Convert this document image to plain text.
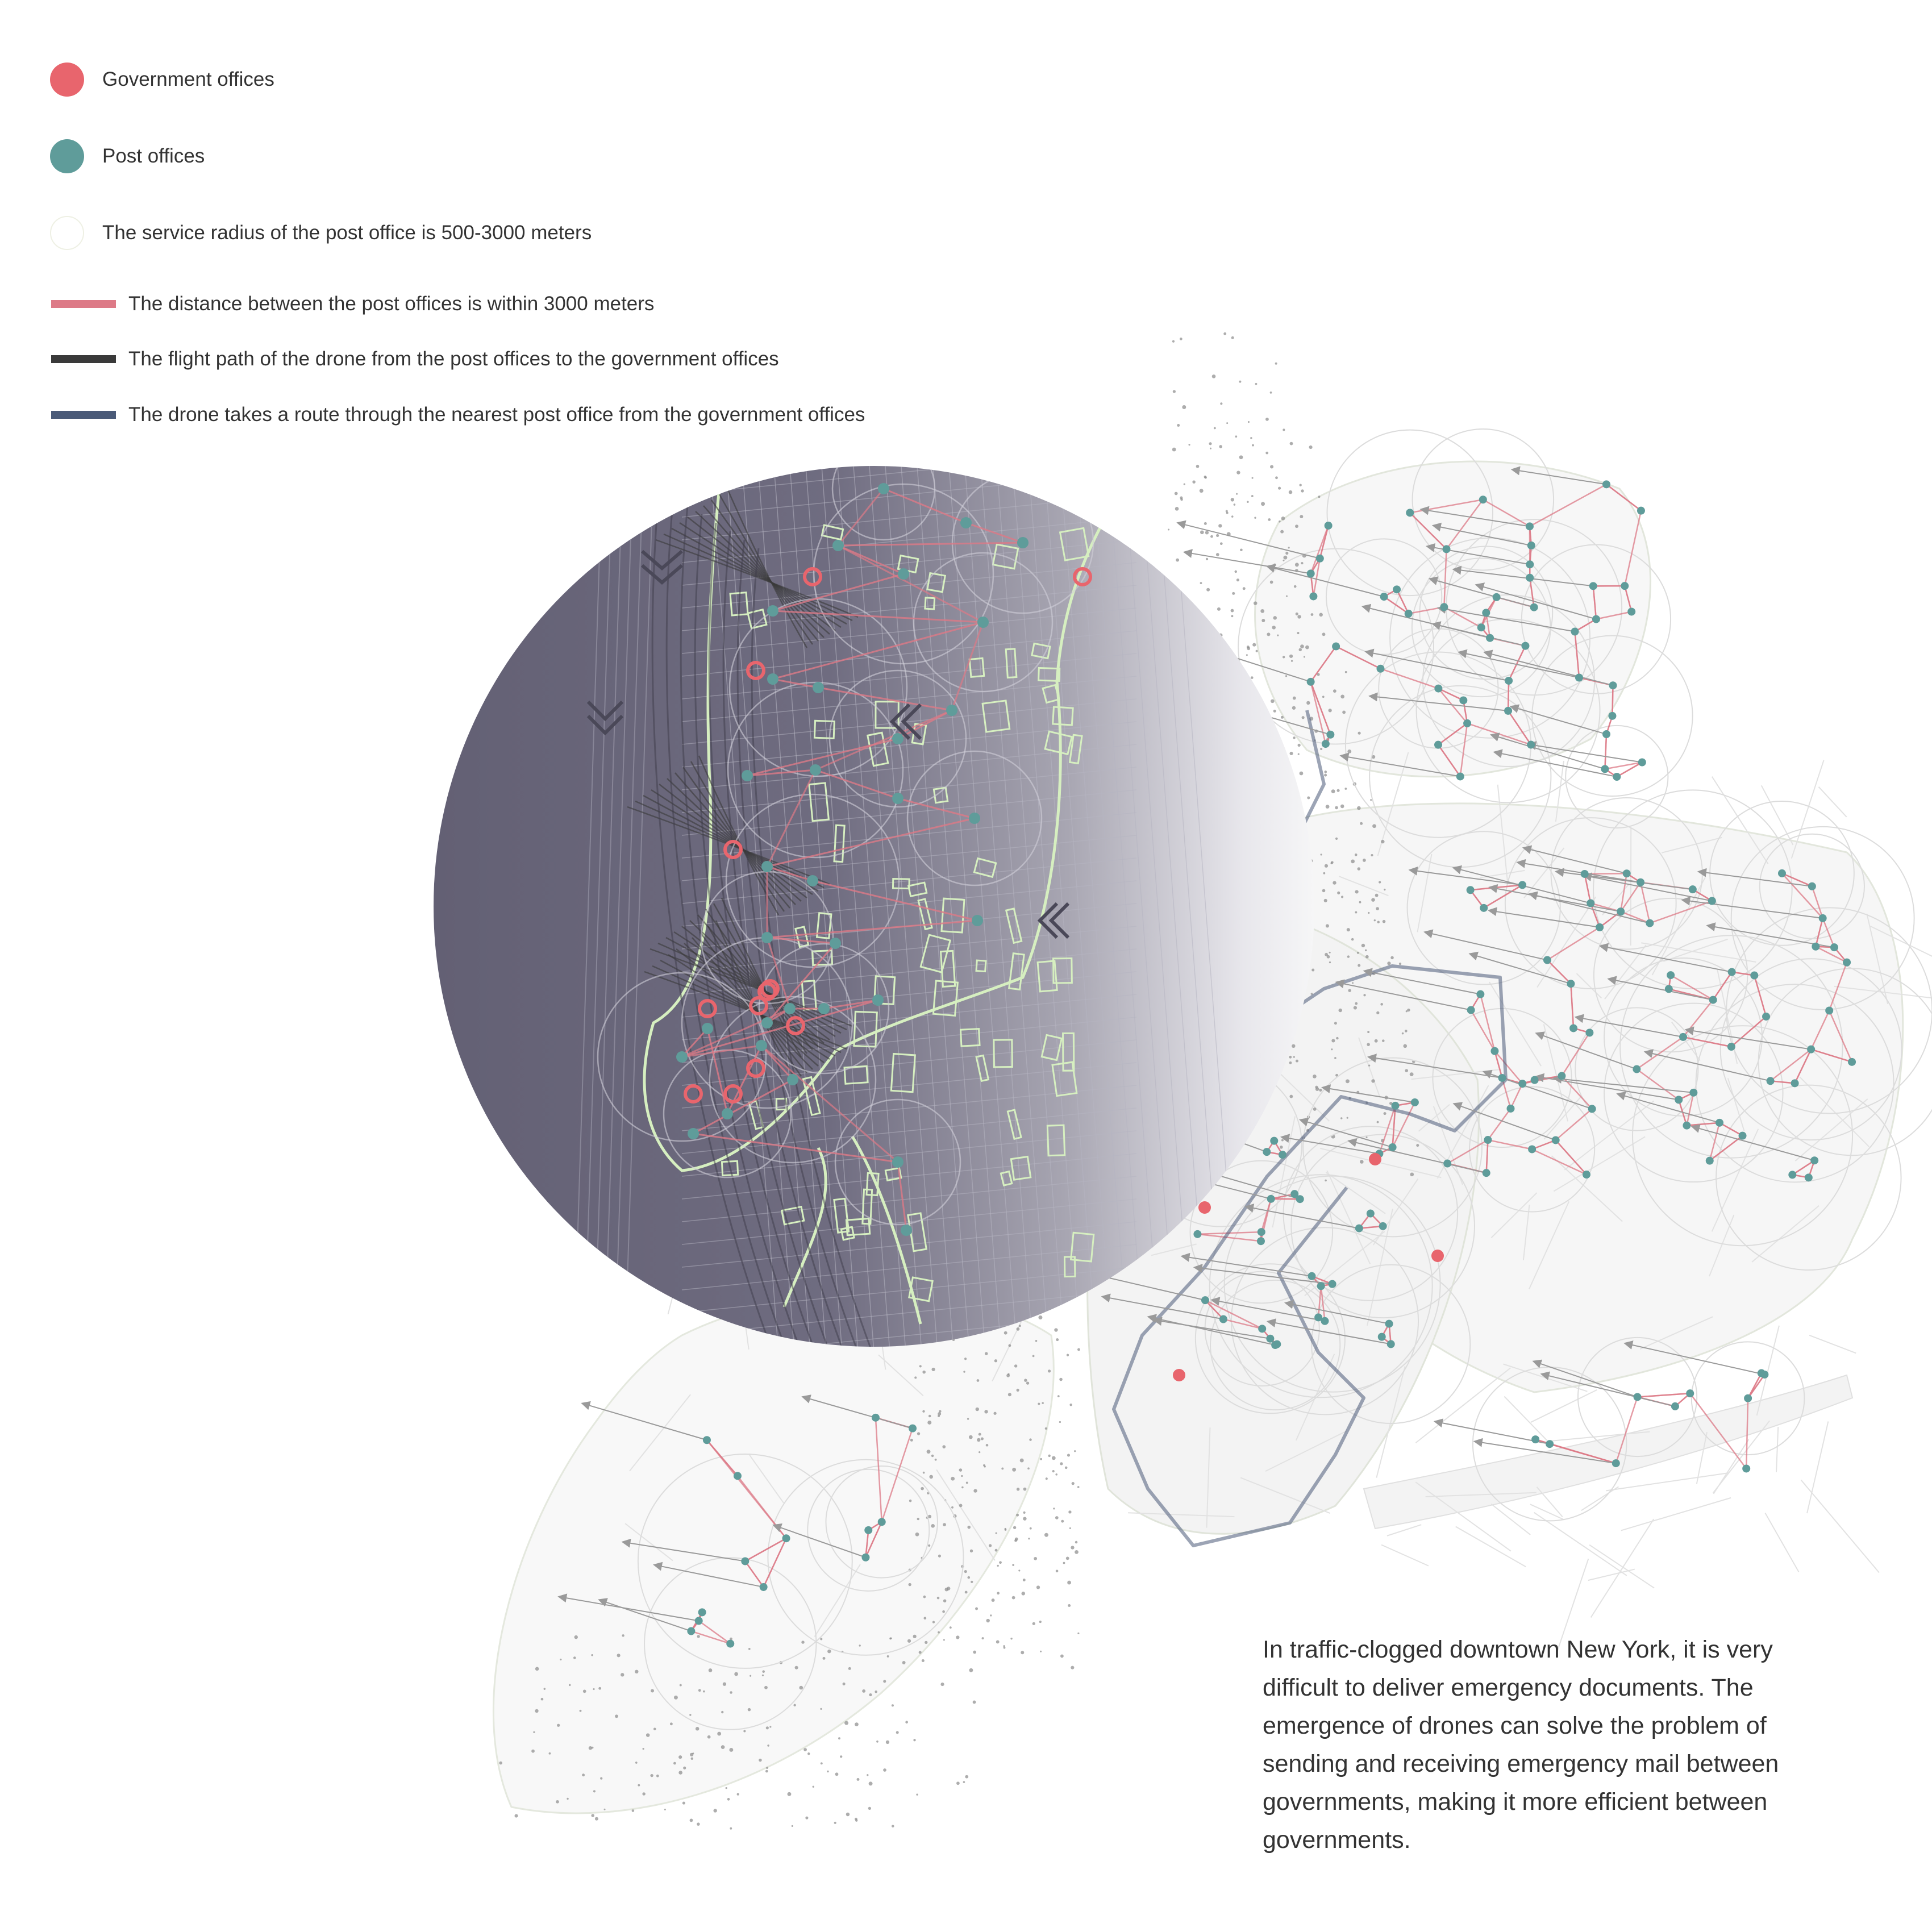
Government offices
Post offices
The service radius of the post office is 500-3000 meters
The distance between the post offices is within 3000 meters
The flight path of the drone from the post offices to the government offices
The drone takes a route through the nearest post office from the government offices
In traffic-clogged downtown New York, it is very difficult to deliver emergency documents. The emergence of drones can solve the problem of sending and receiving emergency mail between governments, making it more efficient between governments.
